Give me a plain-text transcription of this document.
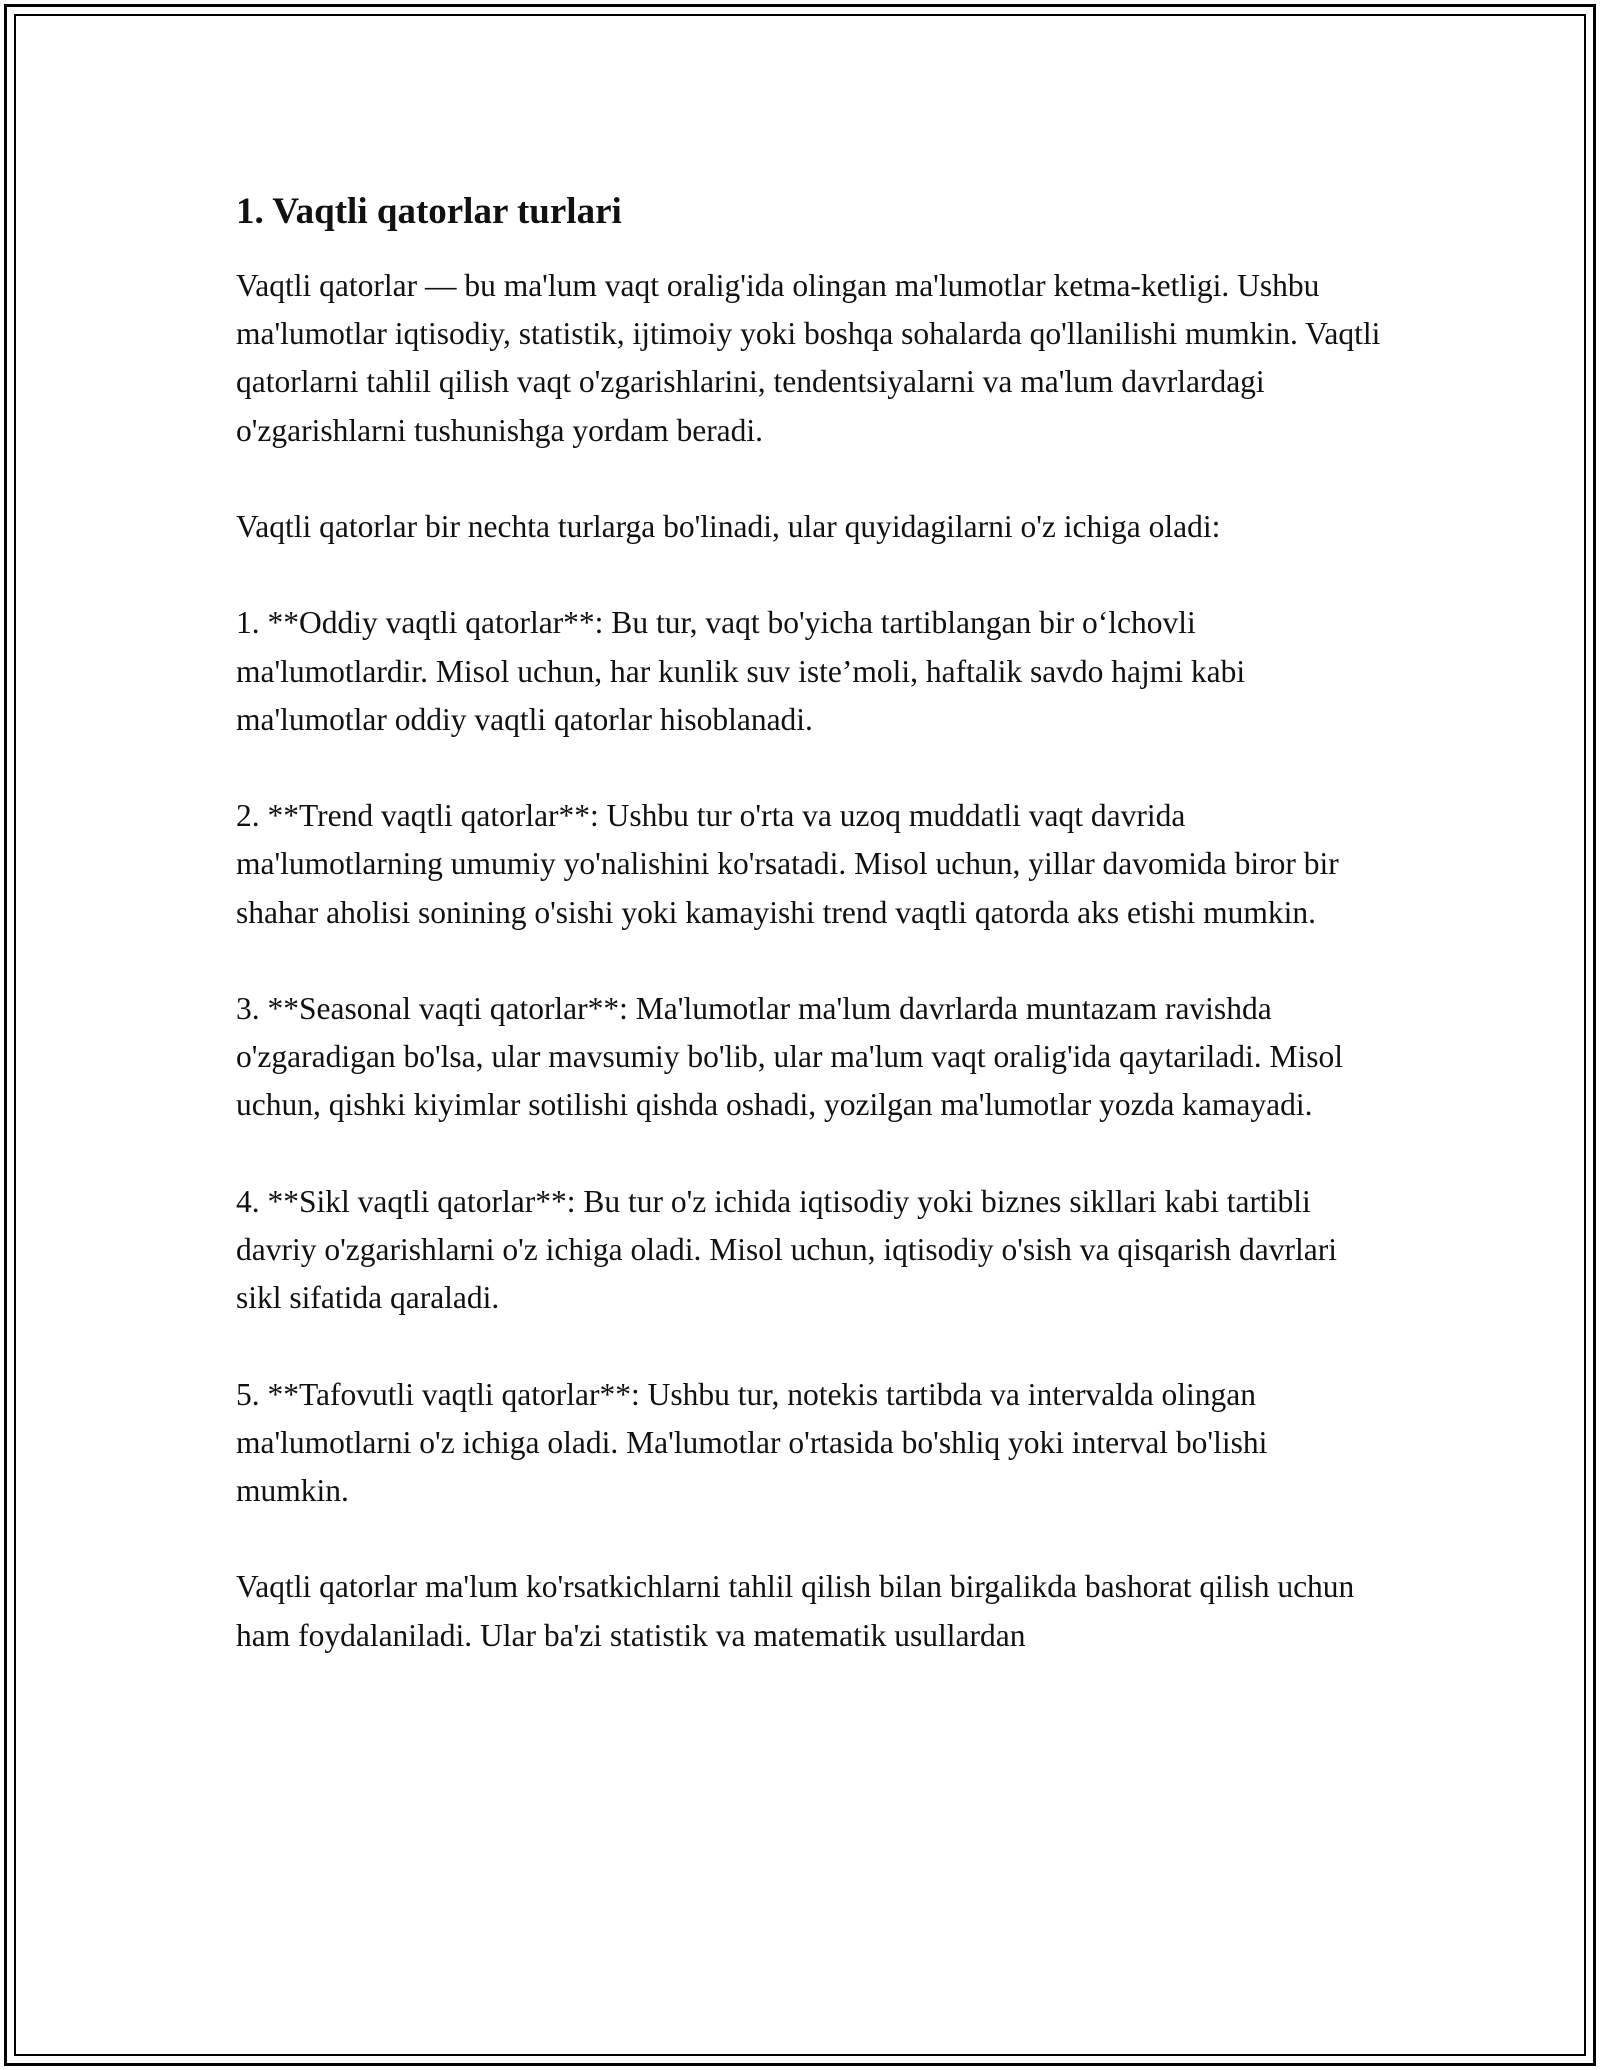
1. Vaqtli qatorlar turlari

Vaqtli qatorlar — bu ma'lum vaqt oralig'ida olingan ma'lumotlar ketma-ketligi. Ushbu ma'lumotlar iqtisodiy, statistik, ijtimoiy yoki boshqa sohalarda qo'llanilishi mumkin. Vaqtli qatorlarni tahlil qilish vaqt o'zgarishlarini, tendentsiyalarni va ma'lum davrlardagi o'zgarishlarni tushunishga yordam beradi.

Vaqtli qatorlar bir nechta turlarga bo'linadi, ular quyidagilarni o'z ichiga oladi:

1. **Oddiy vaqtli qatorlar**: Bu tur, vaqt bo'yicha tartiblangan bir o‘lchovli ma'lumotlardir. Misol uchun, har kunlik suv iste’moli, haftalik savdo hajmi kabi ma'lumotlar oddiy vaqtli qatorlar hisoblanadi.

2. **Trend vaqtli qatorlar**: Ushbu tur o'rta va uzoq muddatli vaqt davrida ma'lumotlarning umumiy yo'nalishini ko'rsatadi. Misol uchun, yillar davomida biror bir shahar aholisi sonining o'sishi yoki kamayishi trend vaqtli qatorda aks etishi mumkin.

3. **Seasonal vaqti qatorlar**: Ma'lumotlar ma'lum davrlarda muntazam ravishda o'zgaradigan bo'lsa, ular mavsumiy bo'lib, ular ma'lum vaqt oralig'ida qaytariladi. Misol uchun, qishki kiyimlar sotilishi qishda oshadi, yozilgan ma'lumotlar yozda kamayadi.

4. **Sikl vaqtli qatorlar**: Bu tur o'z ichida iqtisodiy yoki biznes sikllari kabi tartibli davriy o'zgarishlarni o'z ichiga oladi. Misol uchun, iqtisodiy o'sish va qisqarish davrlari sikl sifatida qaraladi.

5. **Tafovutli vaqtli qatorlar**: Ushbu tur, notekis tartibda va intervalda olingan ma'lumotlarni o'z ichiga oladi. Ma'lumotlar o'rtasida bo'shliq yoki interval bo'lishi mumkin.

Vaqtli qatorlar ma'lum ko'rsatkichlarni tahlil qilish bilan birgalikda bashorat qilish uchun ham foydalaniladi. Ular ba'zi statistik va matematik usullardan
